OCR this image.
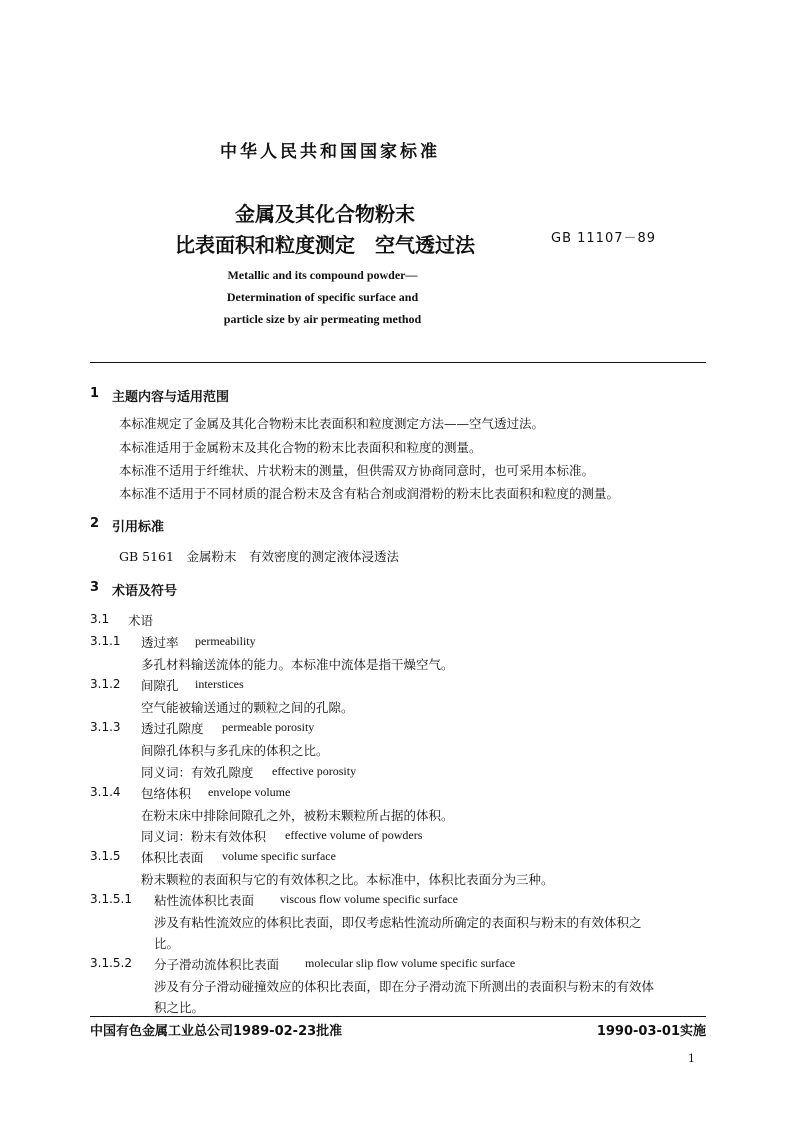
中华人民共和国国家标准
金属及其化合物粉末
比表面积和粒度测定　空气透过法	GB 11107－89
Metallic and its compound powder—
Determination of specific surface and
particle size by air permeating method
1 主题内容与适用范围
本标准规定了金属及其化合物粉末比表面积和粒度测定方法——空气透过法。
本标准适用于金属粉末及其化合物的粉末比表面积和粒度的测量。
本标准不适用于纤维状、片状粉末的测量，但供需双方协商同意时，也可采用本标准。
本标准不适用于不同材质的混合粉末及含有粘合剂或润滑粉的粉末比表面积和粒度的测量。
2 引用标准
GB 5161　金属粉末　有效密度的测定液体浸透法
3 术语及符号
3.1 术语
3.1.1 透过率 permeability
多孔材料输送流体的能力。本标准中流体是指干燥空气。
3.1.2 间隙孔 interstices
空气能被输送通过的颗粒之间的孔隙。
3.1.3 透过孔隙度 permeable porosity
间隙孔体积与多孔床的体积之比。
同义词：有效孔隙度 effective porosity
3.1.4 包络体积 envelope volume
在粉末床中排除间隙孔之外，被粉末颗粒所占据的体积。
同义词：粉末有效体积 effective volume of powders
3.1.5 体积比表面 volume specific surface
粉末颗粒的表面积与它的有效体积之比。本标准中，体积比表面分为三种。
3.1.5.1 粘性流体积比表面 viscous flow volume specific surface
涉及有粘性流效应的体积比表面，即仅考虑粘性流动所确定的表面积与粉末的有效体积之
比。
3.1.5.2 分子滑动流体积比表面 molecular slip flow volume specific surface
涉及有分子滑动碰撞效应的体积比表面，即在分子滑动流下所测出的表面积与粉末的有效体
积之比。
中国有色金属工业总公司1989-02-23批准	1990-03-01实施
1
